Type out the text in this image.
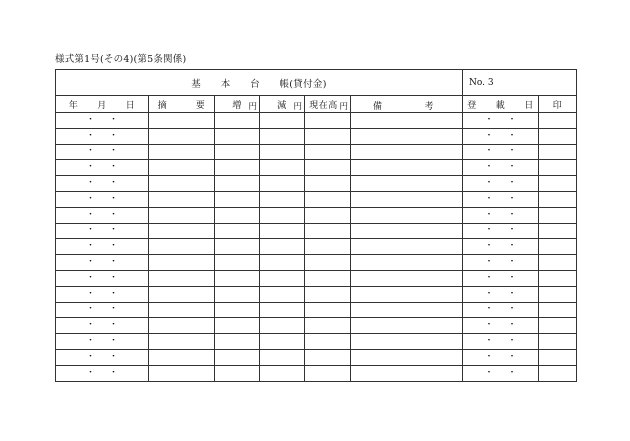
様式第1号(その4)(第5条関係)
基　　本　　台　　帳(貸付金)						No. 3	
年　　月　　日	摘　　　要	増 円	減 円	現在高 円	備 考	登　　載　　日	印
・ ・						・ ・	
・ ・						・ ・	
・ ・						・ ・	
・ ・						・ ・	
・ ・						・ ・	
・ ・						・ ・	
・ ・						・ ・	
・ ・						・ ・	
・ ・						・ ・	
・ ・						・ ・	
・ ・						・ ・	
・ ・						・ ・	
・ ・						・ ・	
・ ・						・ ・	
・ ・						・ ・	
・ ・						・ ・	
・ ・						・ ・	
